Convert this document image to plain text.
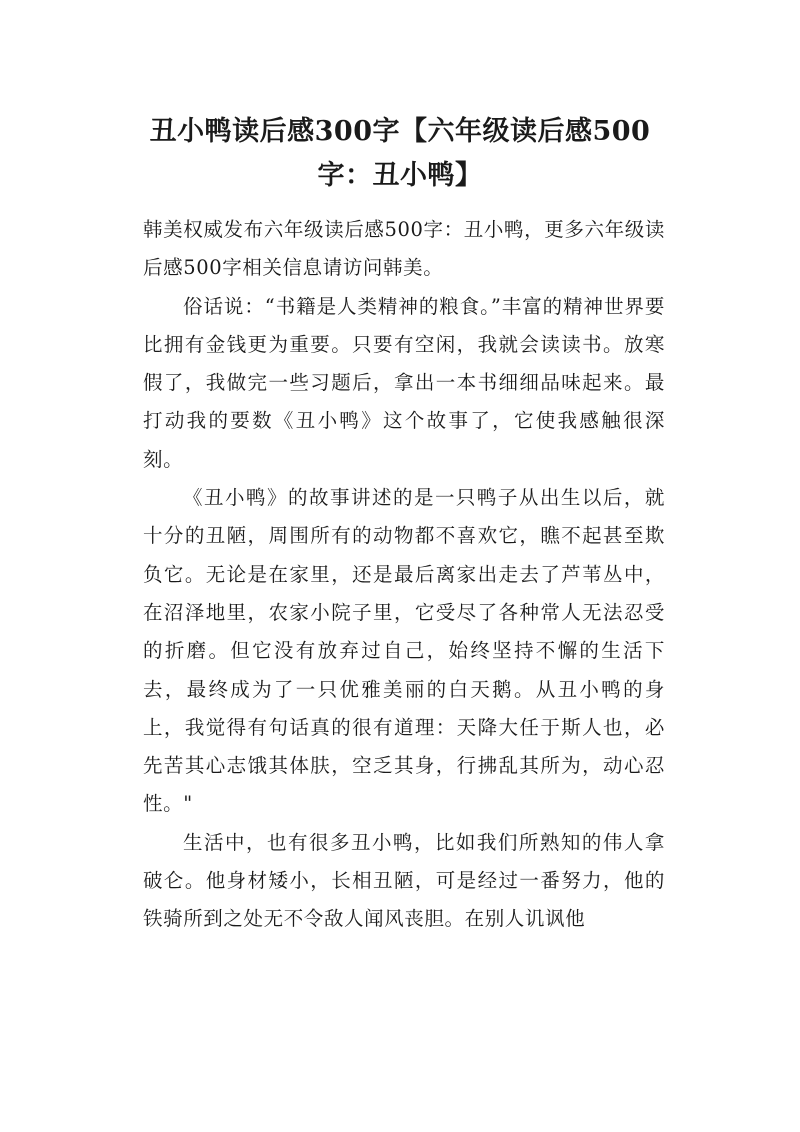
丑小鸭读后感300字【六年级读后感500字：丑小鸭】

韩美权威发布六年级读后感500字：丑小鸭，更多六年级读后感500字相关信息请访问韩美。

俗话说：“书籍是人类精神的粮食。”丰富的精神世界要比拥有金钱更为重要。只要有空闲，我就会读读书。放寒假了，我做完一些习题后，拿出一本书细细品味起来。最打动我的要数《丑小鸭》这个故事了，它使我感触很深刻。

《丑小鸭》的故事讲述的是一只鸭子从出生以后，就十分的丑陋，周围所有的动物都不喜欢它，瞧不起甚至欺负它。无论是在家里，还是最后离家出走去了芦苇丛中，在沼泽地里，农家小院子里，它受尽了各种常人无法忍受的折磨。但它没有放弃过自己，始终坚持不懈的生活下去，最终成为了一只优雅美丽的白天鹅。从丑小鸭的身上，我觉得有句话真的很有道理：天降大任于斯人也，必先苦其心志饿其体肤，空乏其身，行拂乱其所为，动心忍性。"

生活中，也有很多丑小鸭，比如我们所熟知的伟人拿破仑。他身材矮小，长相丑陋，可是经过一番努力，他的铁骑所到之处无不令敌人闻风丧胆。在别人讥讽他
